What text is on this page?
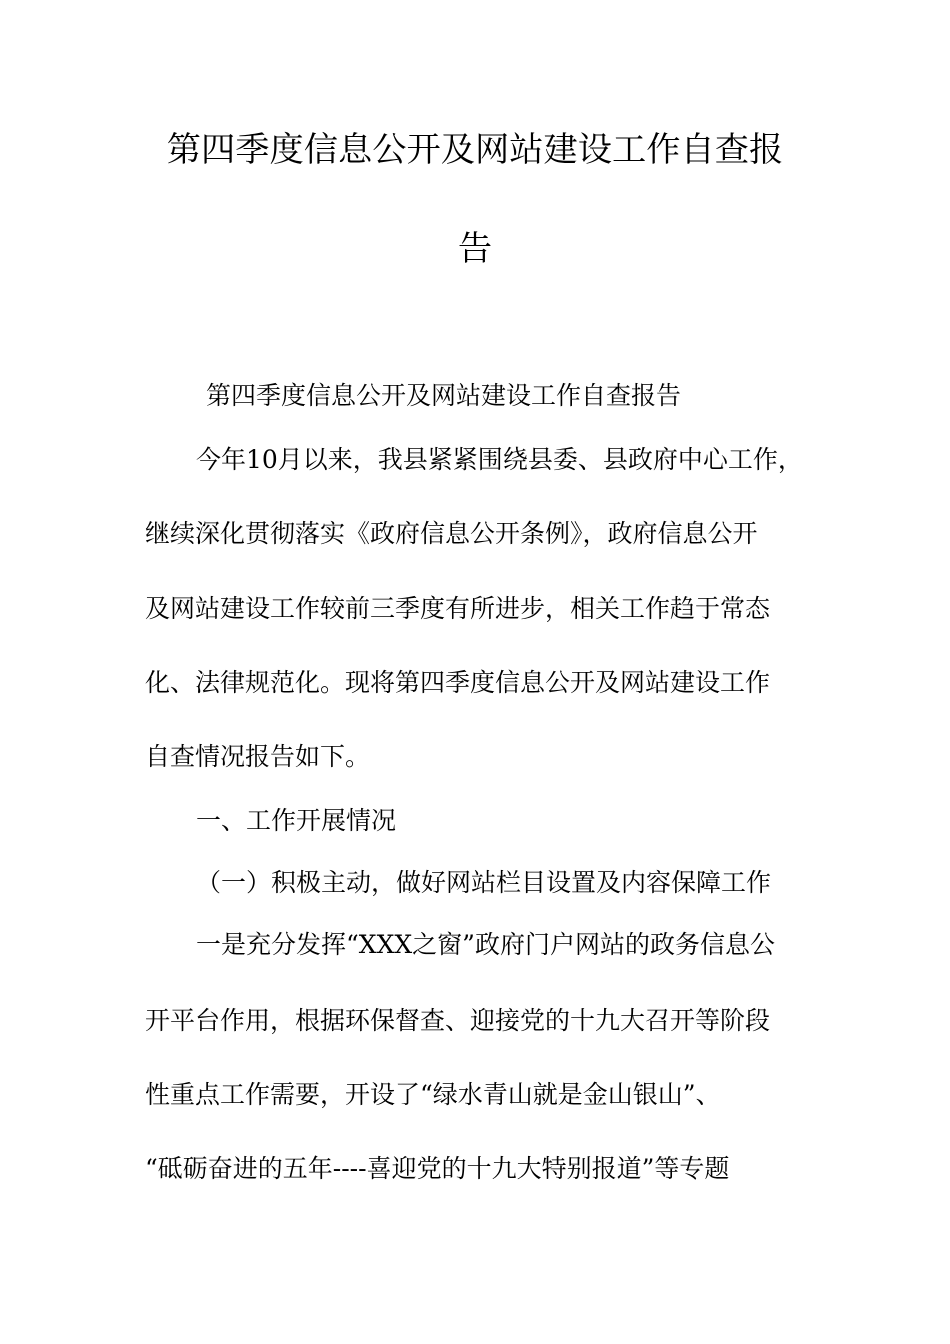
第四季度信息公开及网站建设工作自查报
告
第四季度信息公开及网站建设工作自查报告
今年10月以来，我县紧紧围绕县委、县政府中心工作，
继续深化贯彻落实《政府信息公开条例》，政府信息公开
及网站建设工作较前三季度有所进步，相关工作趋于常态
化、法律规范化。现将第四季度信息公开及网站建设工作
自查情况报告如下。
一、工作开展情况
（一）积极主动，做好网站栏目设置及内容保障工作
一是充分发挥“XXX之窗”政府门户网站的政务信息公
开平台作用，根据环保督查、迎接党的十九大召开等阶段
性重点工作需要，开设了“绿水青山就是金山银山”、
“砥砺奋进的五年----喜迎党的十九大特别报道”等专题
